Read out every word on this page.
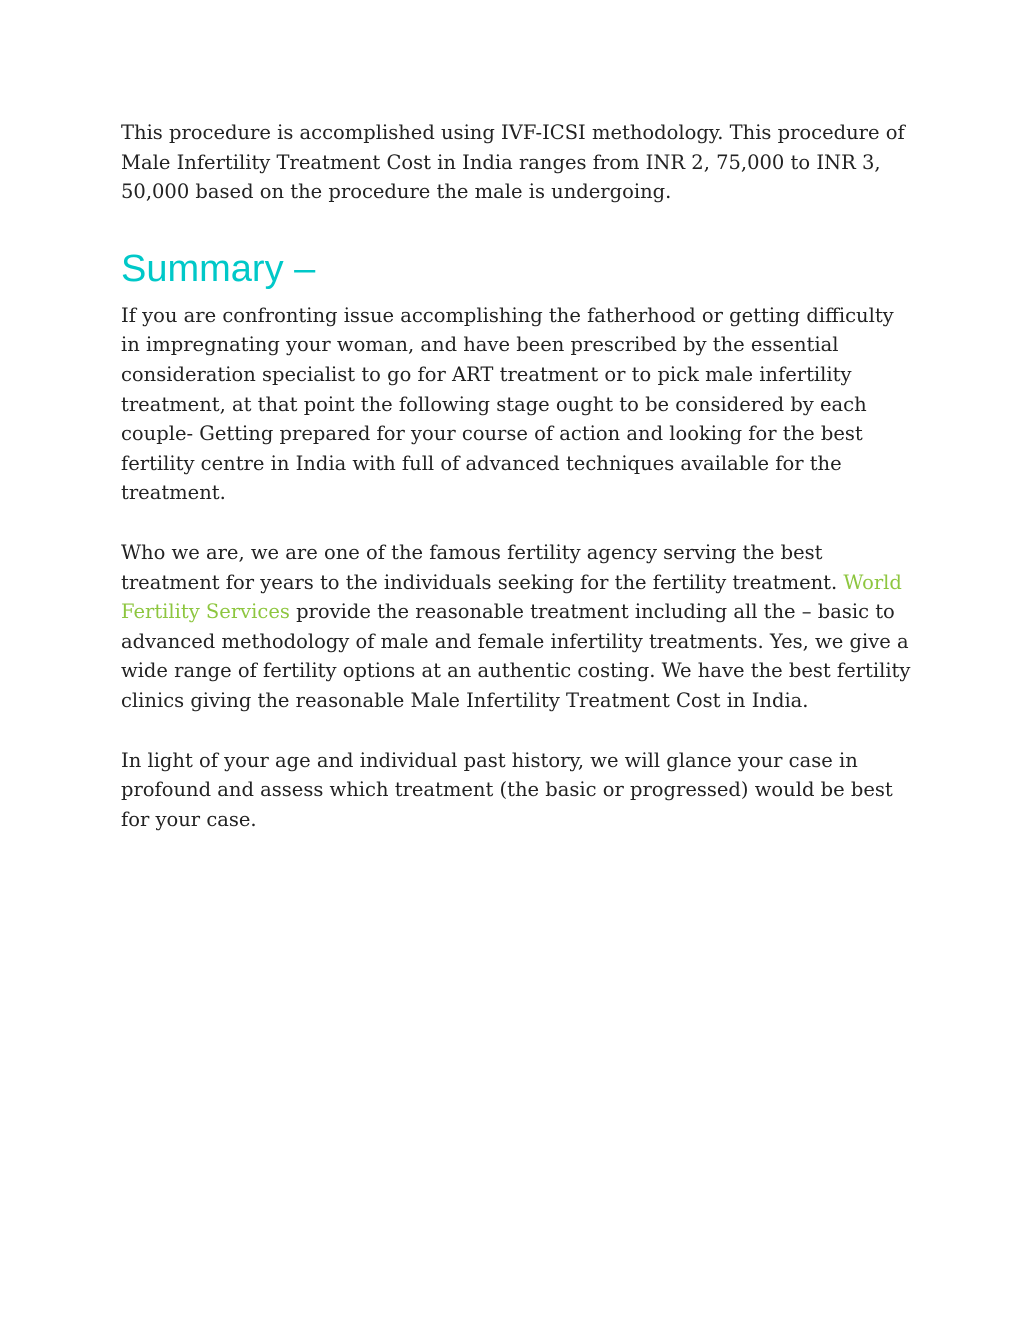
This procedure is accomplished using IVF-ICSI methodology. This procedure of Male Infertility Treatment Cost in India ranges from INR 2, 75,000 to INR 3, 50,000 based on the procedure the male is undergoing.

Summary –

If you are confronting issue accomplishing the fatherhood or getting difficulty in impregnating your woman, and have been prescribed by the essential consideration specialist to go for ART treatment or to pick male infertility treatment, at that point the following stage ought to be considered by each couple- Getting prepared for your course of action and looking for the best fertility centre in India with full of advanced techniques available for the treatment.

Who we are, we are one of the famous fertility agency serving the best treatment for years to the individuals seeking for the fertility treatment. World Fertility Services provide the reasonable treatment including all the – basic to advanced methodology of male and female infertility treatments. Yes, we give a wide range of fertility options at an authentic costing. We have the best fertility clinics giving the reasonable Male Infertility Treatment Cost in India.

In light of your age and individual past history, we will glance your case in profound and assess which treatment (the basic or progressed) would be best for your case.
